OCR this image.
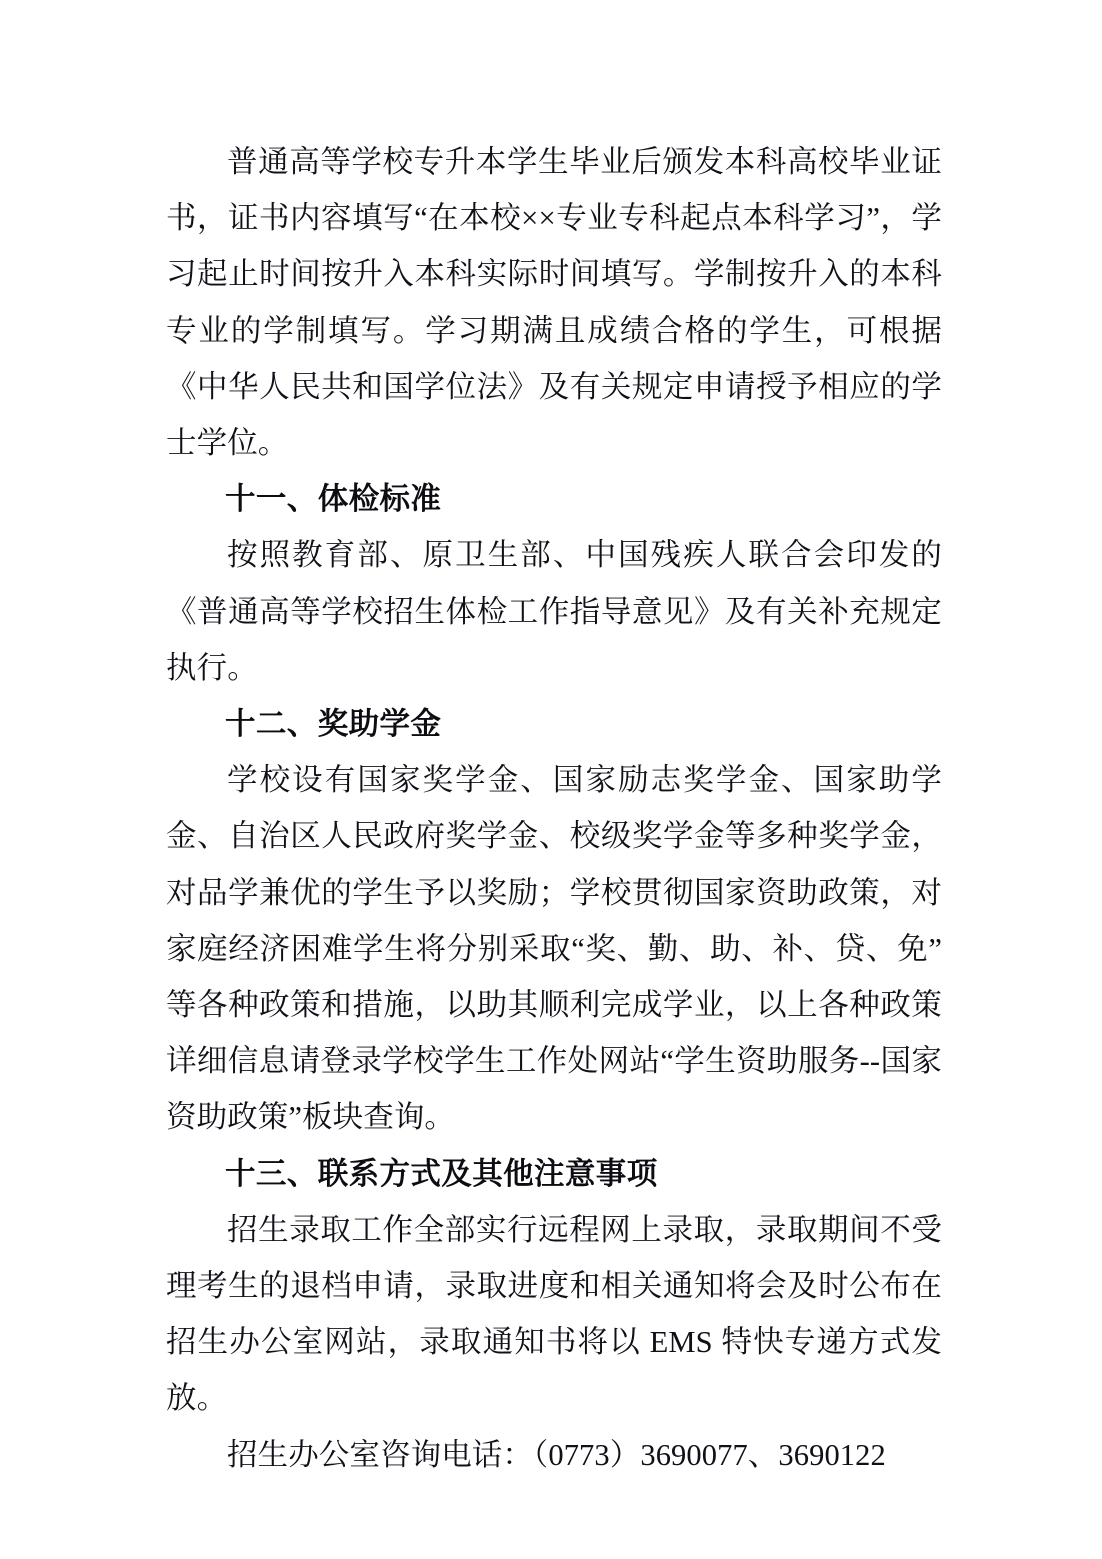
普通高等学校专升本学生毕业后颁发本科高校毕业证书，证书内容填写“在本校××专业专科起点本科学习”，学习起止时间按升入本科实际时间填写。学制按升入的本科专业的学制填写。学习期满且成绩合格的学生，可根据《中华人民共和国学位法》及有关规定申请授予相应的学士学位。

十一、体检标准

按照教育部、原卫生部、中国残疾人联合会印发的《普通高等学校招生体检工作指导意见》及有关补充规定执行。

十二、奖助学金

学校设有国家奖学金、国家励志奖学金、国家助学金、自治区人民政府奖学金、校级奖学金等多种奖学金，对品学兼优的学生予以奖励；学校贯彻国家资助政策，对家庭经济困难学生将分别采取“奖、勤、助、补、贷、免”等各种政策和措施，以助其顺利完成学业，以上各种政策详细信息请登录学校学生工作处网站“学生资助服务--国家资助政策”板块查询。

十三、联系方式及其他注意事项

招生录取工作全部实行远程网上录取，录取期间不受理考生的退档申请，录取进度和相关通知将会及时公布在招生办公室网站，录取通知书将以 EMS 特快专递方式发放。

招生办公室咨询电话：（0773）3690077、3690122
